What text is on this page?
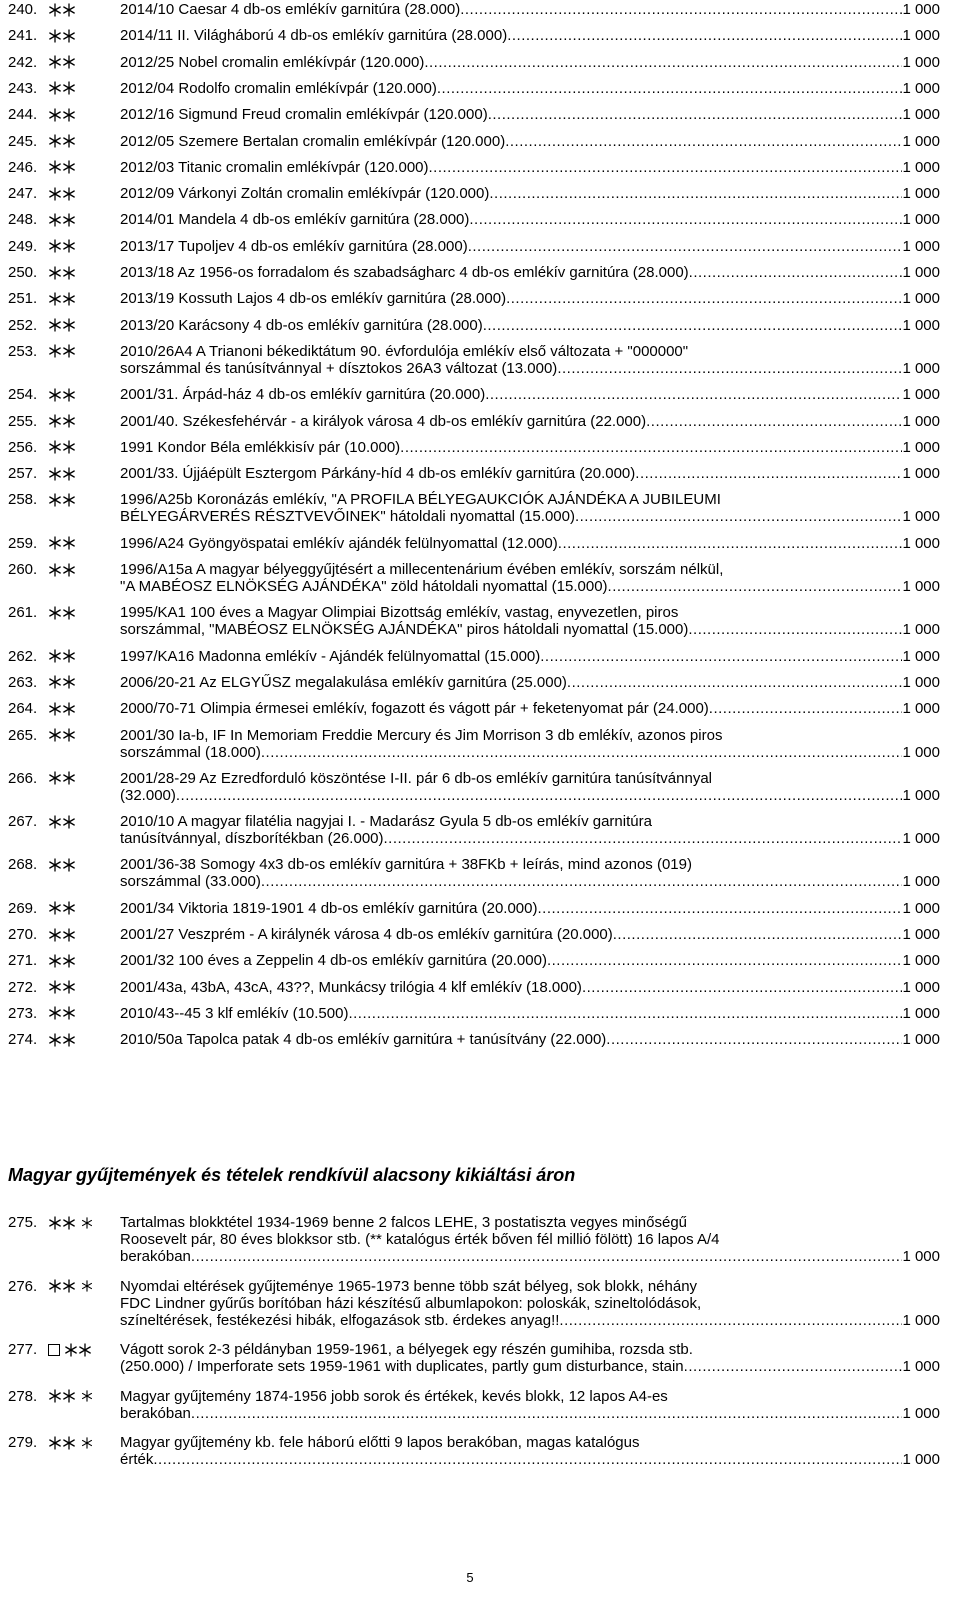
240.	2014/10 Caesar 4 db-os emlékív garnitúra (28.000) .....	1 000
241.	2014/11 II. Világháború 4 db-os emlékív garnitúra (28.000) .....	1 000
242.	2012/25 Nobel cromalin emlékívpár (120.000) .....	1 000
243.	2012/04 Rodolfo cromalin emlékívpár (120.000) .....	1 000
244.	2012/16 Sigmund Freud cromalin emlékívpár (120.000) .....	1 000
245.	2012/05 Szemere Bertalan cromalin emlékívpár (120.000) .....	1 000
246.	2012/03 Titanic cromalin emlékívpár (120.000) .....	1 000
247.	2012/09 Várkonyi Zoltán cromalin emlékívpár (120.000) .....	1 000
248.	2014/01 Mandela 4 db-os emlékív garnitúra (28.000) .....	1 000
249.	2013/17 Tupoljev 4 db-os emlékív garnitúra (28.000) .....	1 000
250.	2013/18 Az 1956-os forradalom és szabadságharc 4 db-os emlékív garnitúra (28.000) .....	1 000
251.	2013/19 Kossuth Lajos 4 db-os emlékív garnitúra (28.000) .....	1 000
252.	2013/20 Karácsony 4 db-os emlékív garnitúra (28.000) .....	1 000
253.	2010/26A4 A Trianoni békediktátum 90. évfordulója emlékív első változata + "000000"
sorszámmal és tanúsítvánnyal + dísztokos 26A3 változat (13.000) .....	1 000
254.	2001/31. Árpád-ház 4 db-os emlékív garnitúra (20.000) .....	1 000
255.	2001/40. Székesfehérvár - a királyok városa 4 db-os emlékív garnitúra (22.000) .....	1 000
256.	1991 Kondor Béla emlékkisív pár (10.000) .....	1 000
257.	2001/33. Újjáépült Esztergom Párkány-híd 4 db-os emlékív garnitúra (20.000) .....	1 000
258.	1996/A25b Koronázás emlékív, "A PROFILA BÉLYEGAUKCIÓK AJÁNDÉKA A JUBILEUMI
BÉLYEGÁRVERÉS RÉSZTVEVŐINEK" hátoldali nyomattal (15.000) .....	1 000
259.	1996/A24 Gyöngyöspatai emlékív ajándék felülnyomattal (12.000) .....	1 000
260.	1996/A15a A magyar bélyeggyűjtésért a millecentenárium évében emlékív, sorszám nélkül,
"A MABÉOSZ ELNÖKSÉG AJÁNDÉKA" zöld hátoldali nyomattal (15.000) .....	1 000
261.	1995/KA1 100 éves a Magyar Olimpiai Bizottság emlékív, vastag, enyvezetlen, piros
sorszámmal, "MABÉOSZ ELNÖKSÉG AJÁNDÉKA" piros hátoldali nyomattal (15.000) .....	1 000
262.	1997/KA16 Madonna emlékív - Ajándék felülnyomattal (15.000) .....	1 000
263.	2006/20-21 Az ELGYŰSZ megalakulása emlékív garnitúra (25.000) .....	1 000
264.	2000/70-71 Olimpia érmesei emlékív, fogazott és vágott pár + feketenyomat pár (24.000) .....	1 000
265.	2001/30 Ia-b, IF In Memoriam Freddie Mercury és Jim Morrison 3 db emlékív, azonos piros
sorszámmal (18.000) .....	1 000
266.	2001/28-29 Az Ezredforduló köszöntése I-II. pár 6 db-os emlékív garnitúra tanúsítvánnyal
(32.000) .....	1 000
267.	2010/10 A magyar filatélia nagyjai I. - Madarász Gyula 5 db-os emlékív garnitúra
tanúsítvánnyal, díszborítékban (26.000) .....	1 000
268.	2001/36-38 Somogy 4x3 db-os emlékív garnitúra + 38FKb + leírás, mind azonos (019)
sorszámmal (33.000) .....	1 000
269.	2001/34 Viktoria 1819-1901 4 db-os emlékív garnitúra (20.000) .....	1 000
270.	2001/27 Veszprém - A királynék városa 4 db-os emlékív garnitúra (20.000) .....	1 000
271.	2001/32 100 éves a Zeppelin 4 db-os emlékív garnitúra (20.000) .....	1 000
272.	2001/43a, 43bA, 43cA, 43??, Munkácsy trilógia 4 klf emlékív (18.000) .....	1 000
273.	2010/43--45 3 klf emlékív (10.500) .....	1 000
274.	2010/50a Tapolca patak 4 db-os emlékív garnitúra + tanúsítvány (22.000) .....	1 000
Magyar gyűjtemények és tételek rendkívül alacsony kikiáltási áron
275.	Tartalmas blokktétel 1934-1969 benne 2 falcos LEHE, 3 postatiszta vegyes minőségű
Roosevelt pár, 80 éves blokksor stb. (** katalógus érték bőven fél millió fölött) 16 lapos A/4
berakóban .....	1 000
276.	Nyomdai eltérések gyűjteménye 1965-1973 benne több szát bélyeg, sok blokk, néhány
FDC Lindner gyűrűs borítóban házi készítésű albumlapokon: poloskák, szineltolódások,
színeltérések, festékezési hibák, elfogazások stb. érdekes anyag!! .....	1 000
277.	Vágott sorok 2-3 példányban 1959-1961, a bélyegek egy részén gumihiba, rozsda stb.
(250.000) / Imperforate sets 1959-1961 with duplicates, partly gum disturbance, stain .....	1 000
278.	Magyar gyűjtemény 1874-1956 jobb sorok és értékek, kevés blokk, 12 lapos A4-es
berakóban .....	1 000
279.	Magyar gyűjtemény kb. fele háború előtti 9 lapos berakóban, magas katalógus
érték .....	1 000
5
